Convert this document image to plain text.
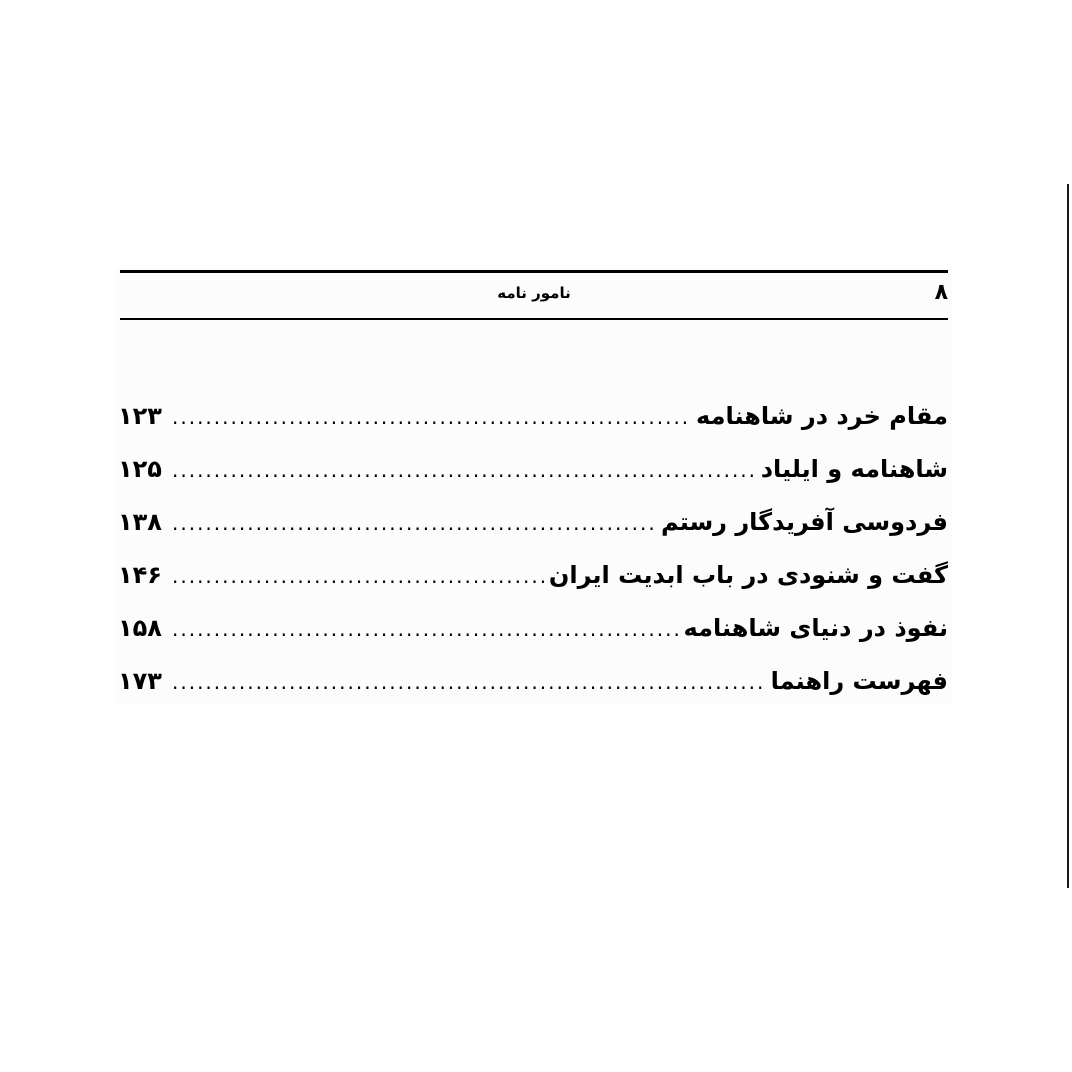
نامور نامه	۸
مقام خرد در شاهنامه
.....
۱۲۳
شاهنامه و ایلیاد
.....
۱۲۵
فردوسی آفریدگار رستم
.....
۱۳۸
گفت و شنودی در باب ابدیت ایران
.....
۱۴۶
نفوذ در دنیای شاهنامه
.....
۱۵۸
فهرست راهنما
.....
۱۷۳
